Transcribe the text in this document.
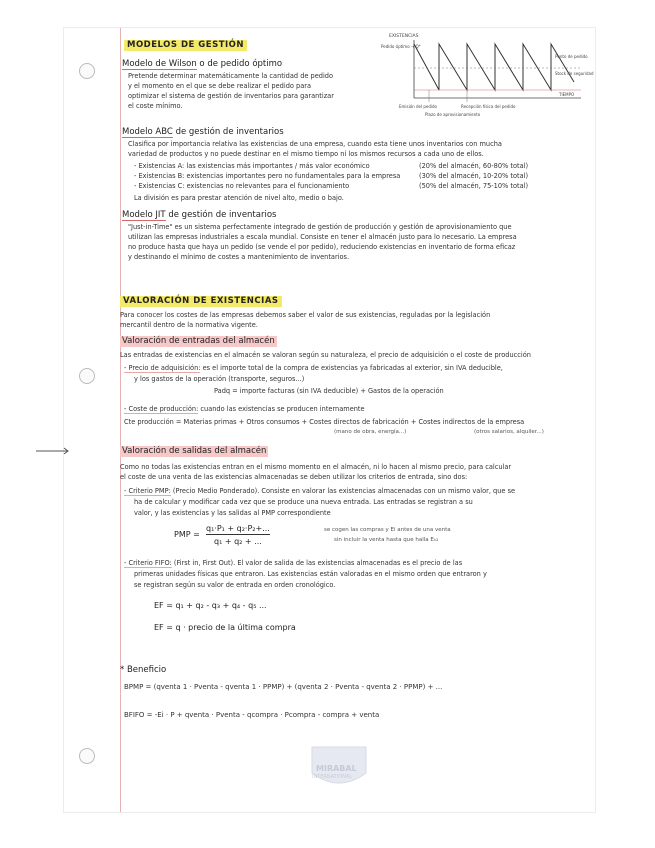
MODELOS DE GESTIÓN
Modelo de Wilson o de pedido óptimo
Pretende determinar matemáticamente la cantidad de pedido
y el momento en el que se debe realizar el pedido para
optimizar el sistema de gestión de inventarios para garantizar
el coste mínimo.
EXISTENCIAS
Pedido óptimo → Q*
Punto de pedido
Stock de seguridad
TIEMPO
Emisión del pedido	Recepción física del pedido
Plazo de aprovisionamiento
Modelo ABC de gestión de inventarios
Clasifica por importancia relativa las existencias de una empresa, cuando esta tiene unos inventarios con mucha
variedad de productos y no puede destinar en el mismo tiempo ni los mismos recursos a cada uno de ellos.
- Existencias A: las existencias más importantes / más valor económico	(20% del almacén, 60-80% total)
- Existencias B: existencias importantes pero no fundamentales para la empresa	(30% del almacén, 10-20% total)
- Existencias C: existencias no relevantes para el funcionamiento	(50% del almacén, 75-10% total)
La división es para prestar atención de nivel alto, medio o bajo.
Modelo JIT de gestión de inventarios
"Just-in-Time" es un sistema perfectamente integrado de gestión de producción y gestión de aprovisionamiento que
utilizan las empresas industriales a escala mundial. Consiste en tener el almacén justo para lo necesario. La empresa
no produce hasta que haya un pedido (se vende el por pedido), reduciendo existencias en inventario de forma eficaz
y destinando el mínimo de costes a mantenimiento de inventarios.
VALORACIÓN DE EXISTENCIAS
Para conocer los costes de las empresas debemos saber el valor de sus existencias, reguladas por la legislación
mercantil dentro de la normativa vigente.
Valoración de entradas del almacén
Las entradas de existencias en el almacén se valoran según su naturaleza, el precio de adquisición o el coste de producción
- Precio de adquisición: es el importe total de la compra de existencias ya fabricadas al exterior, sin IVA deducible,
y los gastos de la operación (transporte, seguros...)
Padq = importe facturas (sin IVA deducible) + Gastos de la operación
- Coste de producción: cuando las existencias se producen internamente
Cte producción = Materias primas + Otros consumos + Costes directos de fabricación + Costes indirectos de la empresa
(mano de obra, energía...)	(otros salarios, alquiler...)
Valoración de salidas del almacén
Como no todas las existencias entran en el mismo momento en el almacén, ni lo hacen al mismo precio, para calcular
el coste de una venta de las existencias almacenadas se deben utilizar los criterios de entrada, sino dos:
- Criterio PMP: (Precio Medio Ponderado). Consiste en valorar las existencias almacenadas con un mismo valor, que se
ha de calcular y modificar cada vez que se produce una nueva entrada. Las entradas se registran a su
valor, y las existencias y las salidas al PMP correspondiente
PMP =
q₁·P₁ + q₂·P₂+...
q₁ + q₂ + ...
se cogen las compras y Ei antes de una venta
sin incluir la venta hasta que halla Eₕ₂
- Criterio FIFO: (First in, First Out). El valor de salida de las existencias almacenadas es el precio de las
primeras unidades físicas que entraron. Las existencias están valoradas en el mismo orden que entraron y
se registran según su valor de entrada en orden cronológico.
EF = q₁ + q₂ - q₃ + q₄ - q₅ ...
EF = q · precio de la última compra
* Beneficio
BPMP = (qventa 1 · Pventa - qventa 1 · PPMP) + (qventa 2 · Pventa - qventa 2 · PPMP) + ...
BFIFO = -Ei · P + qventa · Pventa - qcompra · Pcompra - compra + venta
MIRABAL
INTERNATIONAL
